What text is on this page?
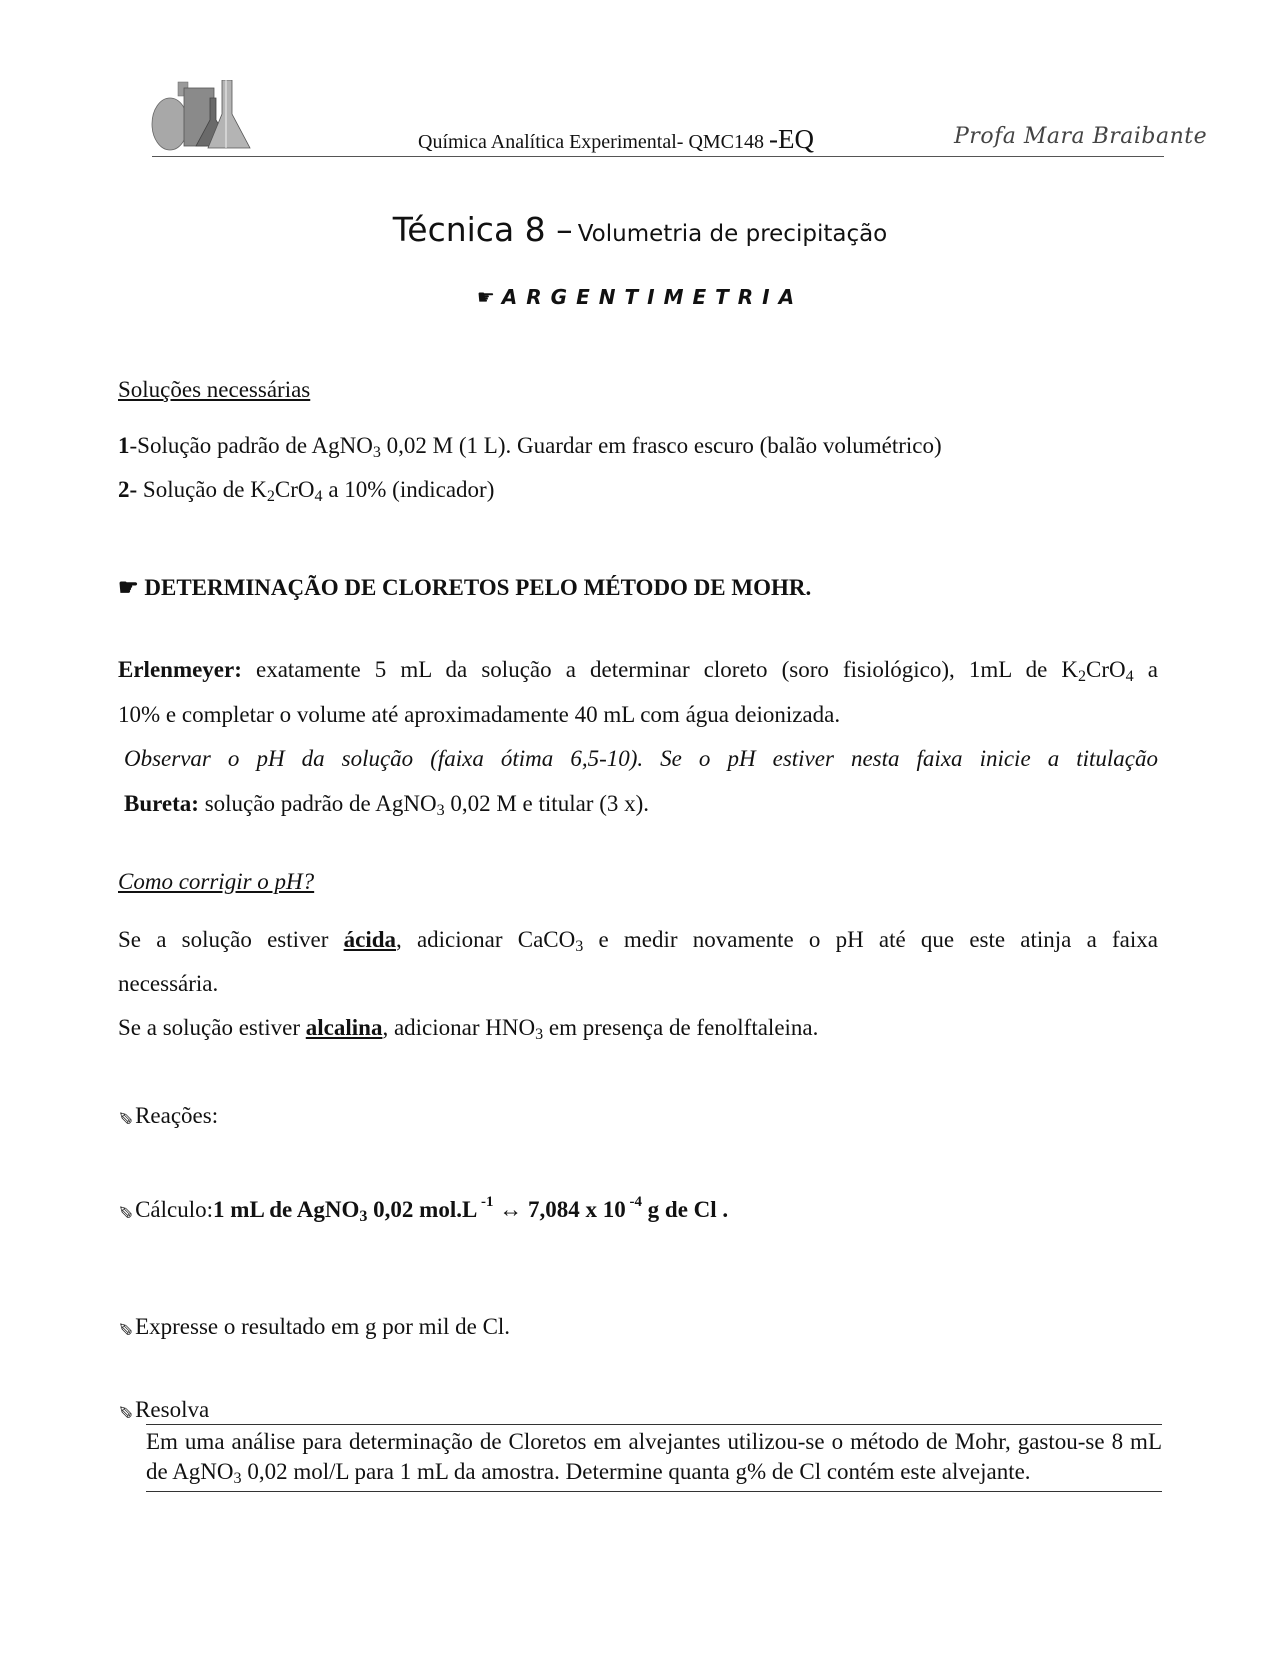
Química Analítica Experimental- QMC148 -EQ	Profa Mara Braibante
Técnica 8 – Volumetria de precipitação
☛ ARGENTIMETRIA
Soluções necessárias
1-Solução padrão de AgNO$_3$ 0,02 M (1 L). Guardar em frasco escuro (balão volumétrico)
2- Solução de $K_2CrO_4$ a 10% (indicador)
☛ DETERMINAÇÃO DE CLORETOS PELO MÉTODO DE MOHR.
Erlenmeyer: exatamente 5 mL da solução a determinar cloreto (soro fisiológico), 1mL de $K_2CrO_4$ a
10% e completar o volume até aproximadamente 40 mL com água deionizada.
Observar o pH da solução (faixa ótima 6,5-10). Se o pH estiver nesta faixa inicie a titulação
Bureta: solução padrão de AgNO$_3$ 0,02 M e titular (3 x).
Como corrigir o pH?
Se a solução estiver ácida, adicionar CaCO$_3$ e medir novamente o pH até que este atinja a faixa
necessária.
Se a solução estiver alcalina, adicionar $HNO_3$ em presença de fenolftaleina.
✎Reações:
✎Cálculo:1 mL de AgNO$_3$ 0,02 mol.L $^{-1}$ ↔ 7,084 x 10 $^{-4}$ g de Cl .
✎Expresse o resultado em g por mil de Cl.
✎Resolva
Em uma análise para determinação de Cloretos em alvejantes utilizou-se o método de Mohr, gastou-se 8 mL de AgNO$_3$ 0,02 mol/L para 1 mL da amostra. Determine quanta g% de Cl contém este alvejante.
